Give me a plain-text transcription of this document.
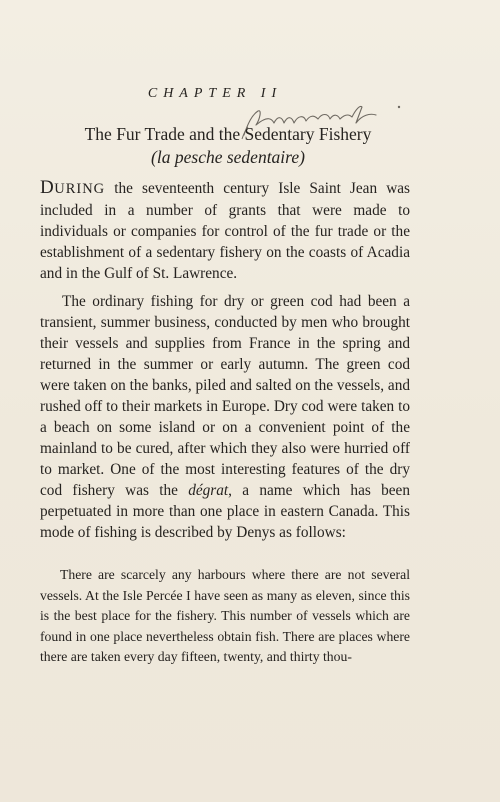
CHAPTER II
The Fur Trade and the Sedentary Fishery
(la pesche sedentaire)

DURING the seventeenth century Isle Saint Jean was included in a number of grants that were made to individuals or companies for control of the fur trade or the establishment of a sedentary fishery on the coasts of Acadia and in the Gulf of St. Lawrence.

The ordinary fishing for dry or green cod had been a transient, summer business, conducted by men who brought their vessels and supplies from France in the spring and returned in the summer or early autumn. The green cod were taken on the banks, piled and salted on the vessels, and rushed off to their markets in Europe. Dry cod were taken to a beach on some island or on a convenient point of the mainland to be cured, after which they also were hurried off to market. One of the most interesting features of the dry cod fishery was the dégrat, a name which has been perpetuated in more than one place in eastern Canada. This mode of fishing is described by Denys as follows:

There are scarcely any harbours where there are not several vessels. At the Isle Percée I have seen as many as eleven, since this is the best place for the fishery. This number of vessels which are found in one place nevertheless obtain fish. There are places where there are taken every day fifteen, twenty, and thirty thou-
